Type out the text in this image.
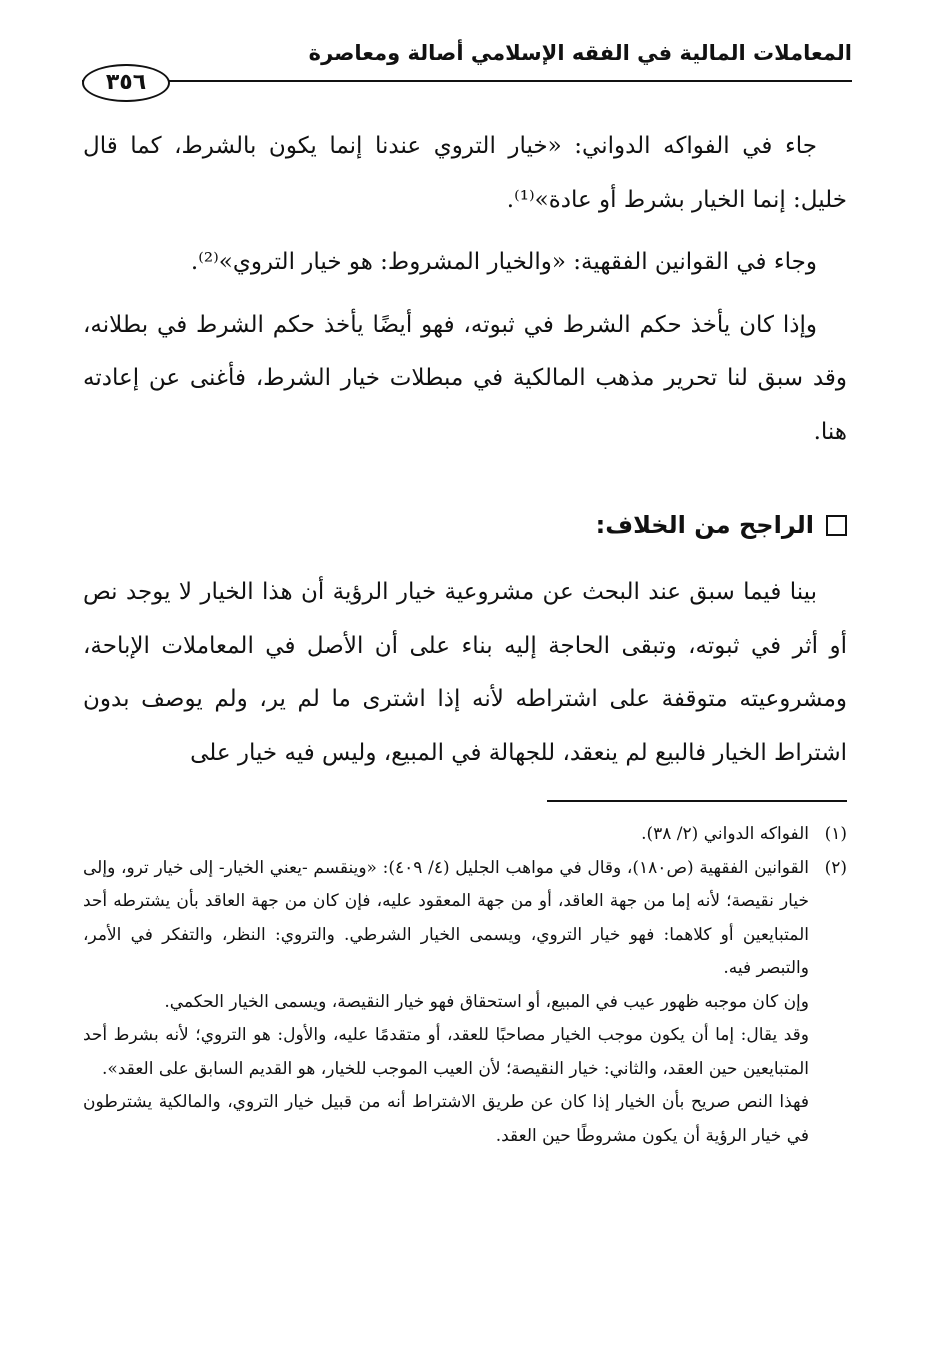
المعاملات المالية في الفقه الإسلامي أصالة ومعاصرة
٣٥٦

جاء في الفواكه الدواني: «خيار التروي عندنا إنما يكون بالشرط، كما قال خليل: إنما الخيار بشرط أو عادة»⁽¹⁾.

وجاء في القوانين الفقهية: «والخيار المشروط: هو خيار التروي»⁽²⁾.

وإذا كان يأخذ حكم الشرط في ثبوته، فهو أيضًا يأخذ حكم الشرط في بطلانه، وقد سبق لنا تحرير مذهب المالكية في مبطلات خيار الشرط، فأغنى عن إعادته هنا.

الراجح من الخلاف:

بينا فيما سبق عند البحث عن مشروعية خيار الرؤية أن هذا الخيار لا يوجد نص أو أثر في ثبوته، وتبقى الحاجة إليه بناء على أن الأصل في المعاملات الإباحة، ومشروعيته متوقفة على اشتراطه لأنه إذا اشترى ما لم ير، ولم يوصف بدون اشتراط الخيار فالبيع لم ينعقد، للجهالة في المبيع، وليس فيه خيار على

(١)

الفواكه الدواني (٢/ ٣٨).

(٢)

القوانين الفقهية (ص١٨٠)، وقال في مواهب الجليل (٤/ ٤٠٩): «وينقسم -يعني الخيار- إلى خيار ترو، وإلى خيار نقيصة؛ لأنه إما من جهة العاقد، أو من جهة المعقود عليه، فإن كان من جهة العاقد بأن يشترطه أحد المتبايعين أو كلاهما: فهو خيار التروي، ويسمى الخيار الشرطي. والتروي: النظر، والتفكر في الأمر، والتبصر فيه.

وإن كان موجبه ظهور عيب في المبيع، أو استحقاق فهو خيار النقيصة، ويسمى الخيار الحكمي.

وقد يقال: إما أن يكون موجب الخيار مصاحبًا للعقد، أو متقدمًا عليه، والأول: هو التروي؛ لأنه بشرط أحد المتبايعين حين العقد، والثاني: خيار النقيصة؛ لأن العيب الموجب للخيار، هو القديم السابق على العقد».

فهذا النص صريح بأن الخيار إذا كان عن طريق الاشتراط أنه من قبيل خيار التروي، والمالكية يشترطون في خيار الرؤية أن يكون مشروطًا حين العقد.
